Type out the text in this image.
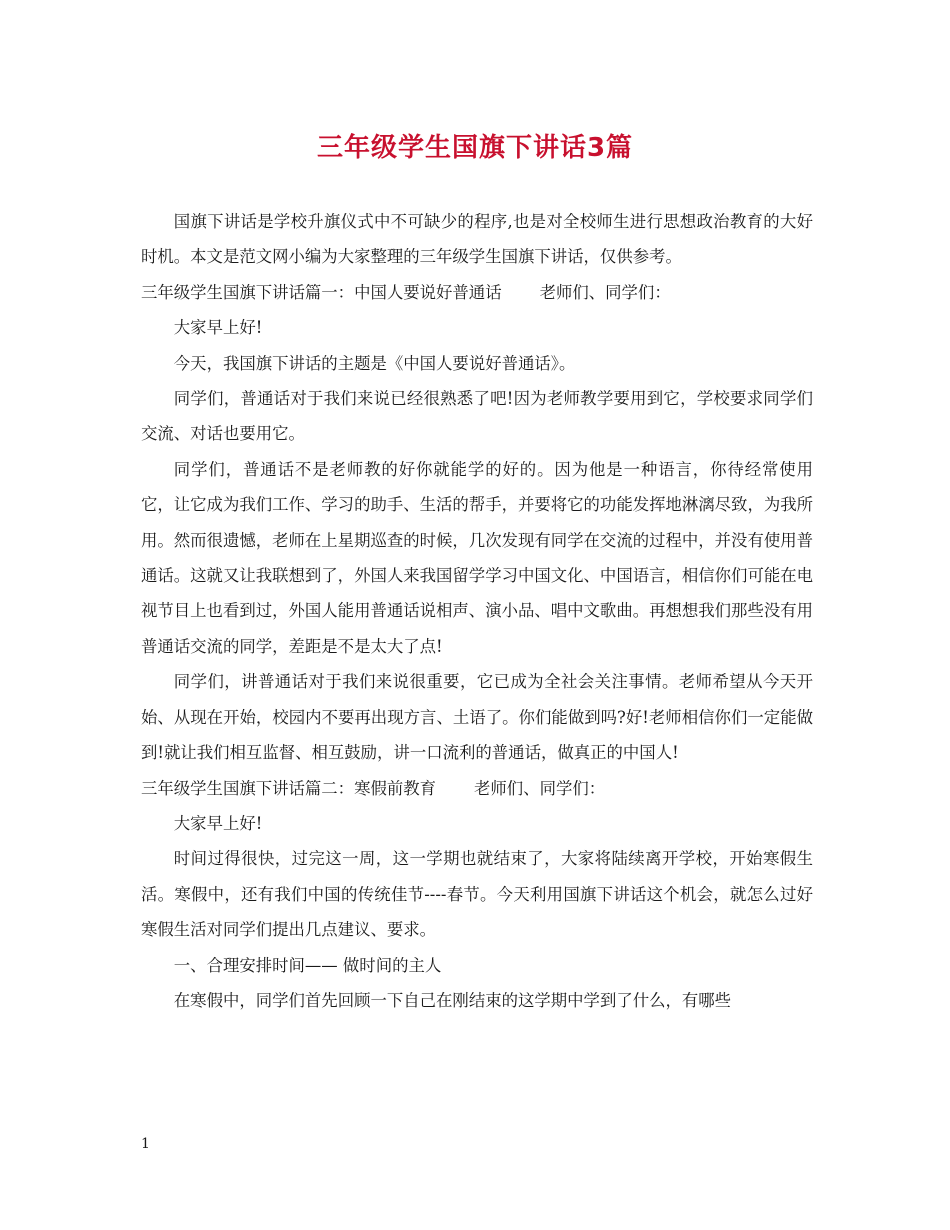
三年级学生国旗下讲话3篇

国旗下讲话是学校升旗仪式中不可缺少的程序,也是对全校师生进行思想政治教育的大好时机。本文是范文网小编为大家整理的三年级学生国旗下讲话，仅供参考。

三年级学生国旗下讲话篇一：中国人要说好普通话 老师们、同学们：

大家早上好!

今天，我国旗下讲话的主题是《中国人要说好普通话》。

同学们，普通话对于我们来说已经很熟悉了吧!因为老师教学要用到它，学校要求同学们交流、对话也要用它。

同学们，普通话不是老师教的好你就能学的好的。因为他是一种语言，你待经常使用它，让它成为我们工作、学习的助手、生活的帮手，并要将它的功能发挥地淋漓尽致，为我所用。然而很遗憾，老师在上星期巡查的时候，几次发现有同学在交流的过程中，并没有使用普通话。这就又让我联想到了，外国人来我国留学学习中国文化、中国语言，相信你们可能在电视节目上也看到过，外国人能用普通话说相声、演小品、唱中文歌曲。再想想我们那些没有用普通话交流的同学，差距是不是太大了点!

同学们，讲普通话对于我们来说很重要，它已成为全社会关注事情。老师希望从今天开始、从现在开始，校园内不要再出现方言、土语了。你们能做到吗?好!老师相信你们一定能做到!就让我们相互监督、相互鼓励，讲一口流利的普通话，做真正的中国人!

三年级学生国旗下讲话篇二：寒假前教育 老师们、同学们：

大家早上好!

时间过得很快，过完这一周，这一学期也就结束了，大家将陆续离开学校，开始寒假生活。寒假中，还有我们中国的传统佳节----春节。今天利用国旗下讲话这个机会，就怎么过好寒假生活对同学们提出几点建议、要求。

一、合理安排时间—— 做时间的主人

在寒假中，同学们首先回顾一下自己在刚结束的这学期中学到了什么，有哪些

1
